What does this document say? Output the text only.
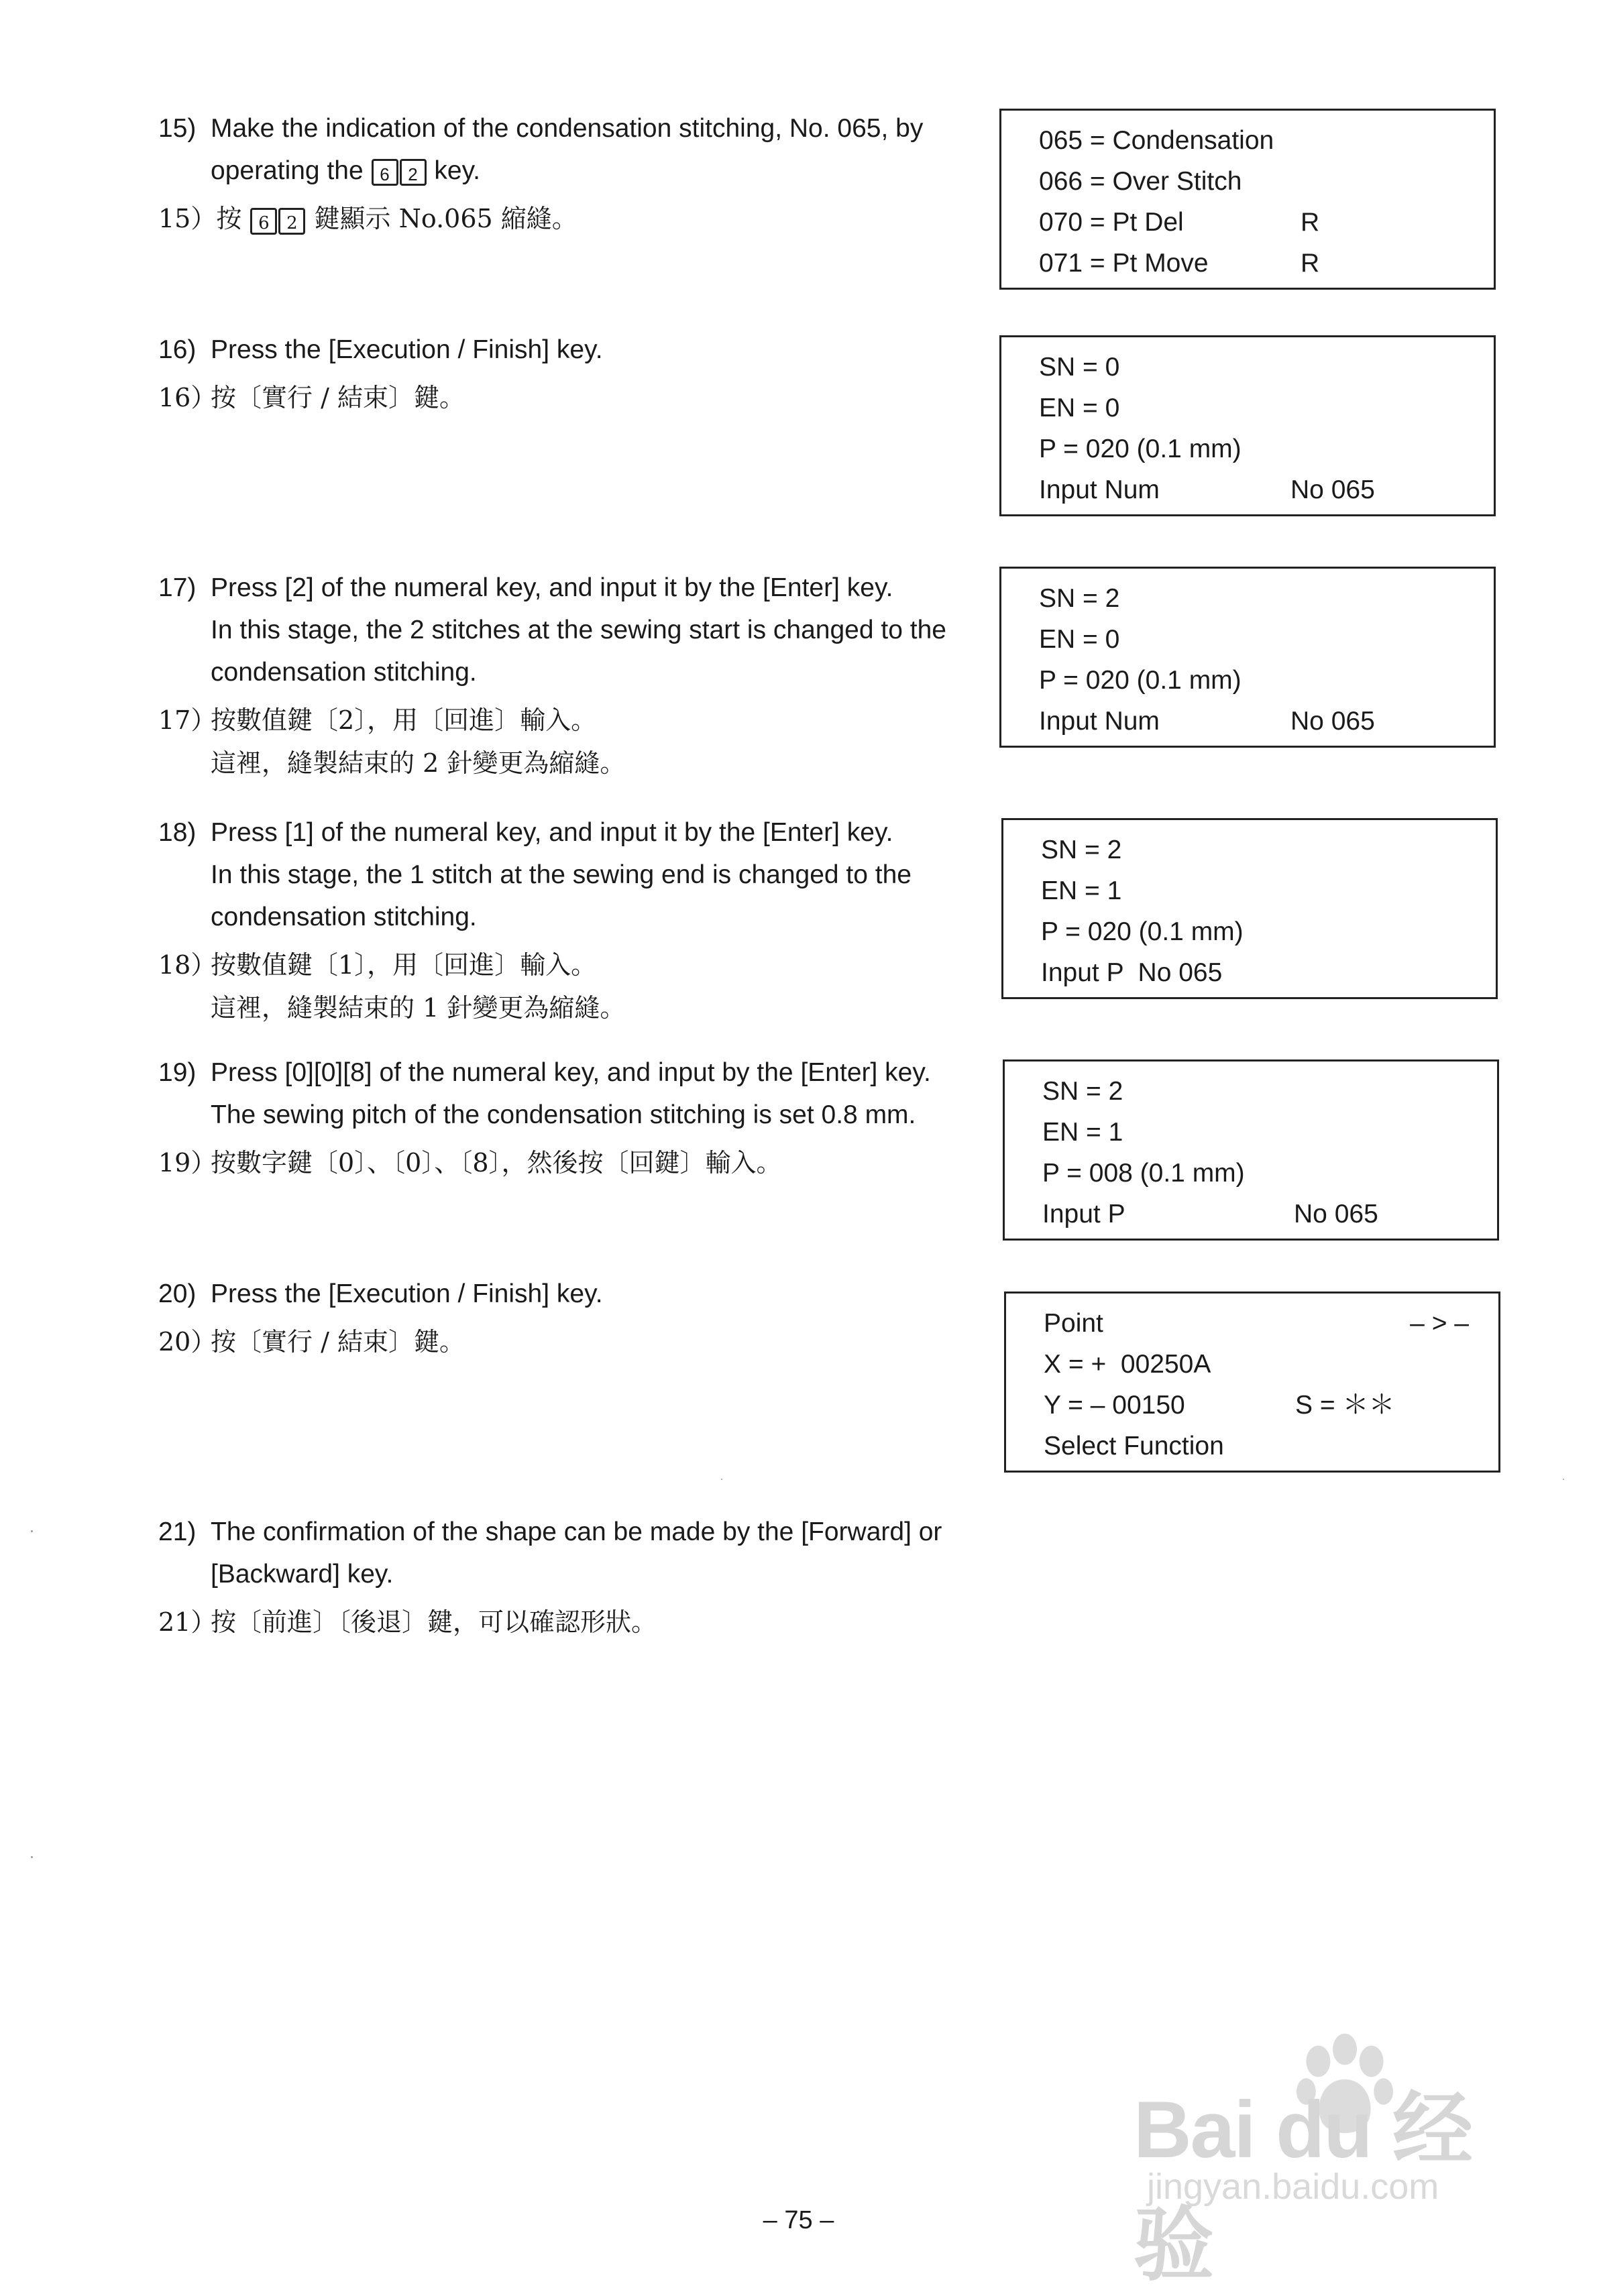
15) Make the indication of the condensation stitching, No. 065, by
operating the 6 2 key.
15）按 6 2 鍵顯示 No.065 縮縫。
16) Press the [Execution / Finish] key.
16）按〔實行 / 結束〕鍵。
17) Press [2] of the numeral key, and input it by the [Enter] key.
In this stage, the 2 stitches at the sewing start is changed to the
condensation stitching.
17）按數值鍵〔2〕，用〔回進〕輸入。
這裡，縫製結束的 2 針變更為縮縫。
18) Press [1] of the numeral key, and input it by the [Enter] key.
In this stage, the 1 stitch at the sewing end is changed to the
condensation stitching.
18）按數值鍵〔1〕，用〔回進〕輸入。
這裡，縫製結束的 1 針變更為縮縫。
19) Press [0][0][8] of the numeral key, and input by the [Enter] key.
The sewing pitch of the condensation stitching is set 0.8 mm.
19）按數字鍵〔0〕、〔0〕、〔8〕，然後按〔回鍵〕輸入。
20) Press the [Execution / Finish] key.
20）按〔實行 / 結束〕鍵。
21) The confirmation of the shape can be made by the [Forward] or
[Backward] key.
21）按〔前進〕〔後退〕鍵，可以確認形狀。
065 = Condensation
066 = Over Stitch
070 = Pt Del	R
071 = Pt Move	R
SN = 0
EN = 0
P = 020 (0.1 mm)
Input Num	No 065
SN = 2
EN = 0
P = 020 (0.1 mm)
Input Num	No 065
SN = 2
EN = 1
P = 020 (0.1 mm)
Input P  No 065
SN = 2
EN = 1
P = 008 (0.1 mm)
Input P	No 065
Point	– > –
X = +  00250A
Y = – 00150	S = ＊＊
Select Function
– 75 –
Bai du 经验
jingyan.baidu.com
